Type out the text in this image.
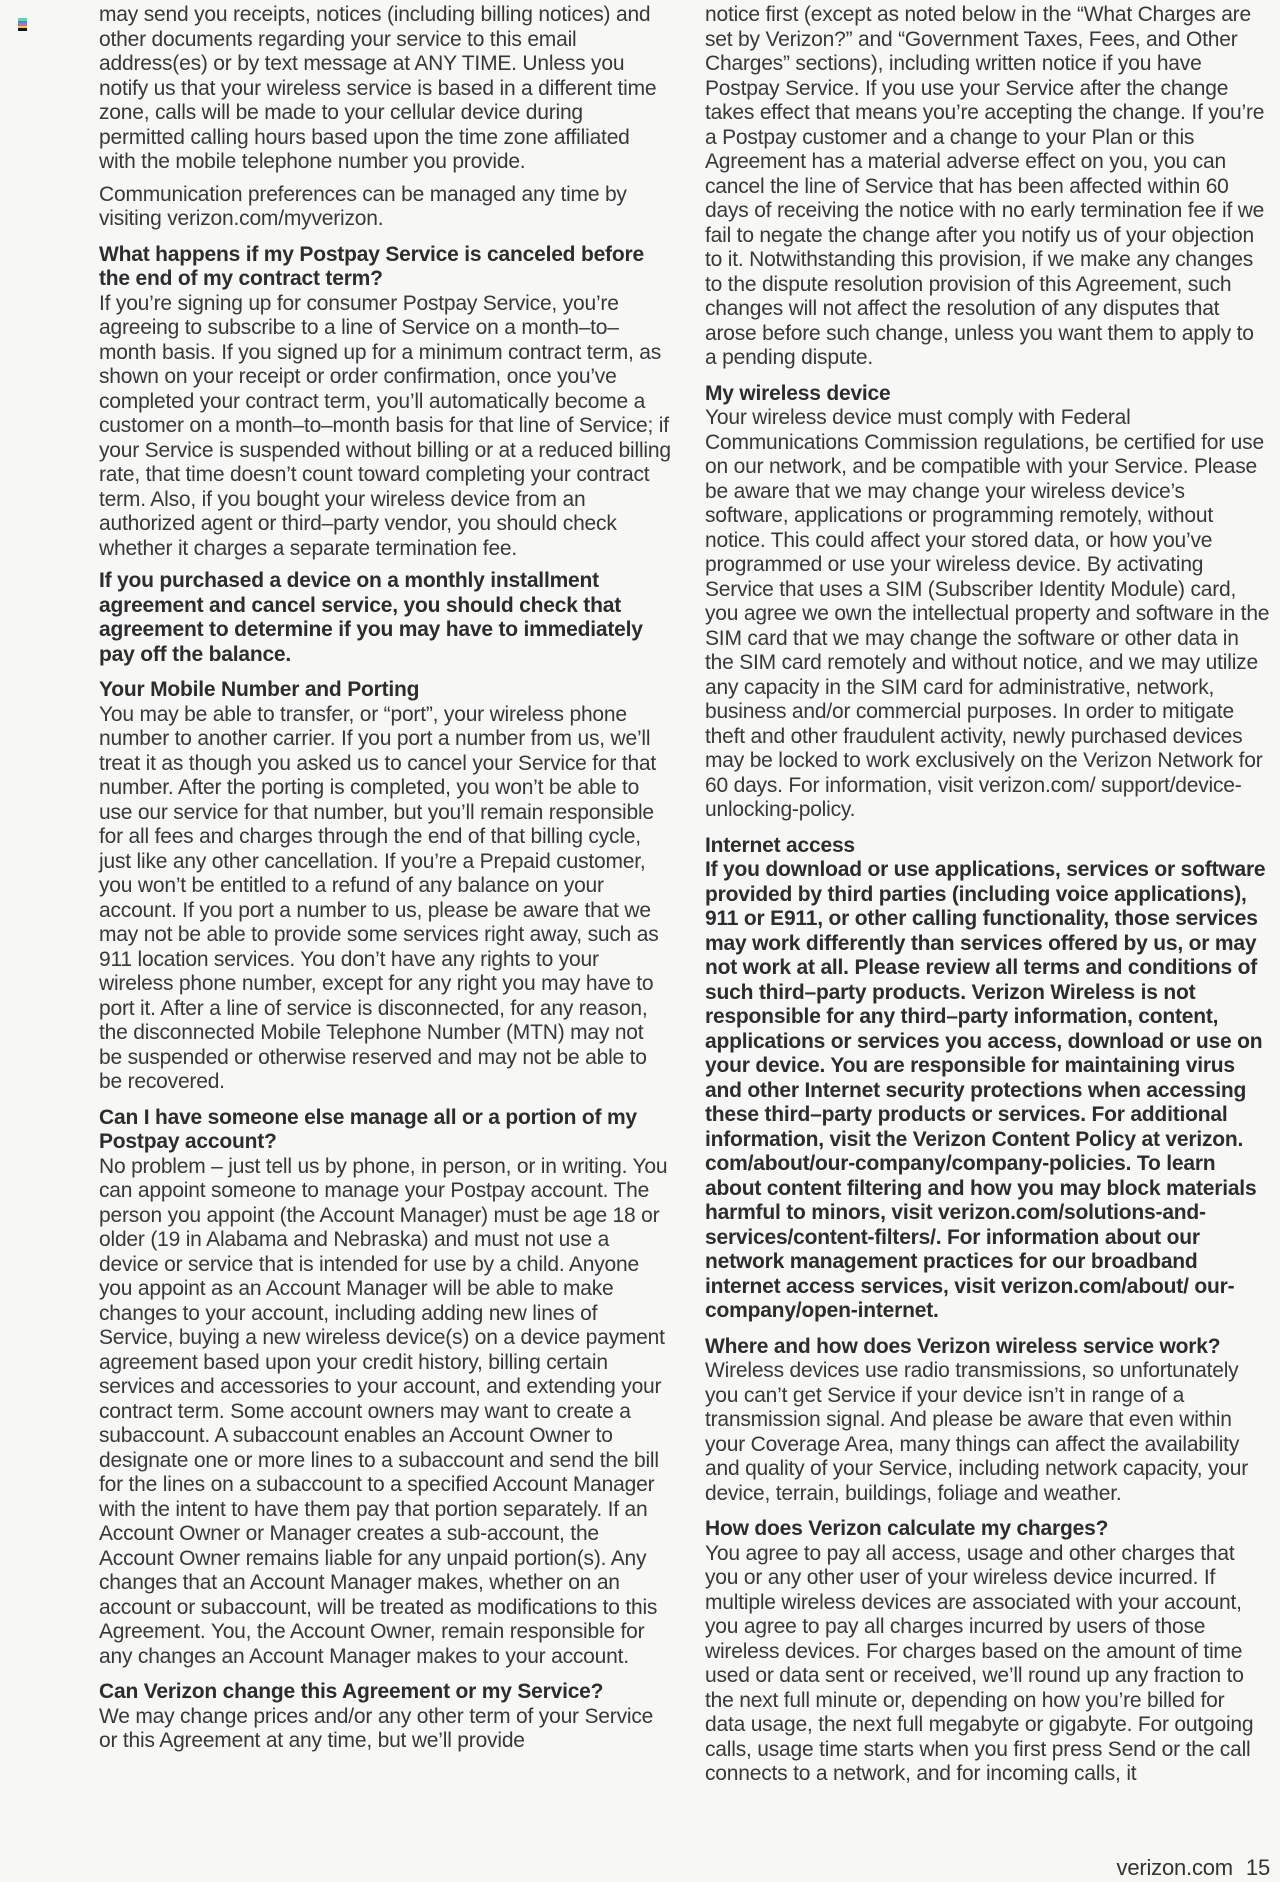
may send you receipts, notices (including billing notices) and other documents regarding your service to this email address(es) or by text message at ANY TIME. Unless you notify us that your wireless service is based in a different time zone, calls will be made to your cellular device during permitted calling hours based upon the time zone affiliated with the mobile telephone number you provide.

Communication preferences can be managed any time by visiting verizon.com/myverizon.

What happens if my Postpay Service is canceled before the end of my contract term?

If you’re signing up for consumer Postpay Service, you’re agreeing to subscribe to a line of Service on a month–to– month basis. If you signed up for a minimum contract term, as shown on your receipt or order confirmation, once you’ve completed your contract term, you’ll automatically become a customer on a month–to–month basis for that line of Service; if your Service is suspended without billing or at a reduced billing rate, that time doesn’t count toward completing your contract term. Also, if you bought your wireless device from an authorized agent or third–party vendor, you should check whether it charges a separate termination fee.

If you purchased a device on a monthly installment agreement and cancel service, you should check that agreement to determine if you may have to immediately pay off the balance.

Your Mobile Number and Porting

You may be able to transfer, or “port”, your wireless phone number to another carrier. If you port a number from us, we’ll treat it as though you asked us to cancel your Service for that number. After the porting is completed, you won’t be able to use our service for that number, but you’ll remain responsible for all fees and charges through the end of that billing cycle, just like any other cancellation. If you’re a Prepaid customer, you won’t be entitled to a refund of any balance on your account. If you port a number to us, please be aware that we may not be able to provide some services right away, such as 911 location services. You don’t have any rights to your wireless phone number, except for any right you may have to port it. After a line of service is disconnected, for any reason, the disconnected Mobile Telephone Number (MTN) may not be suspended or otherwise reserved and may not be able to be recovered.

Can I have someone else manage all or a portion of my Postpay account?

No problem – just tell us by phone, in person, or in writing. You can appoint someone to manage your Postpay account. The person you appoint (the Account Manager) must be age 18 or older (19 in Alabama and Nebraska) and must not use a device or service that is intended for use by a child. Anyone you appoint as an Account Manager will be able to make changes to your account, including adding new lines of Service, buying a new wireless device(s) on a device payment agreement based upon your credit history, billing certain services and accessories to your account, and extending your contract term. Some account owners may want to create a subaccount. A subaccount enables an Account Owner to designate one or more lines to a subaccount and send the bill for the lines on a subaccount to a specified Account Manager with the intent to have them pay that portion separately. If an Account Owner or Manager creates a sub-account, the Account Owner remains liable for any unpaid portion(s). Any changes that an Account Manager makes, whether on an account or subaccount, will be treated as modifications to this Agreement. You, the Account Owner, remain responsible for any changes an Account Manager makes to your account.

Can Verizon change this Agreement or my Service?

We may change prices and/or any other term of your Service or this Agreement at any time, but we’ll provide

notice first (except as noted below in the “What Charges are set by Verizon?” and “Government Taxes, Fees, and Other Charges” sections), including written notice if you have Postpay Service. If you use your Service after the change takes effect that means you’re accepting the change. If you’re a Postpay customer and a change to your Plan or this Agreement has a material adverse effect on you, you can cancel the line of Service that has been affected within 60 days of receiving the notice with no early termination fee if we fail to negate the change after you notify us of your objection to it. Notwithstanding this provision, if we make any changes to the dispute resolution provision of this Agreement, such changes will not affect the resolution of any disputes that arose before such change, unless you want them to apply to a pending dispute.

My wireless device

Your wireless device must comply with Federal Communications Commission regulations, be certified for use on our network, and be compatible with your Service. Please be aware that we may change your wireless device’s software, applications or programming remotely, without notice. This could affect your stored data, or how you’ve programmed or use your wireless device. By activating Service that uses a SIM (Subscriber Identity Module) card, you agree we own the intellectual property and software in the SIM card that we may change the software or other data in the SIM card remotely and without notice, and we may utilize any capacity in the SIM card for administrative, network, business and/or commercial purposes. In order to mitigate theft and other fraudulent activity, newly purchased devices may be locked to work exclusively on the Verizon Network for 60 days. For information, visit verizon.com/ support/device-unlocking-policy.

Internet access

If you download or use applications, services or software provided by third parties (including voice applications), 911 or E911, or other calling functionality, those services may work differently than services offered by us, or may not work at all. Please review all terms and conditions of such third–party products. Verizon Wireless is not responsible for any third–party information, content, applications or services you access, download or use on your device. You are responsible for maintaining virus and other Internet security protections when accessing these third–party products or services. For additional information, visit the Verizon Content Policy at verizon. com/about/our-company/company-policies. To learn about content filtering and how you may block materials harmful to minors, visit verizon.com/solutions-and- services/content-filters/. For information about our network management practices for our broadband internet access services, visit verizon.com/about/ our-company/open-internet.

Where and how does Verizon wireless service work?

Wireless devices use radio transmissions, so unfortunately you can’t get Service if your device isn’t in range of a transmission signal. And please be aware that even within your Coverage Area, many things can affect the availability and quality of your Service, including network capacity, your device, terrain, buildings, foliage and weather.

How does Verizon calculate my charges?

You agree to pay all access, usage and other charges that you or any other user of your wireless device incurred. If multiple wireless devices are associated with your account, you agree to pay all charges incurred by users of those wireless devices. For charges based on the amount of time used or data sent or received, we’ll round up any fraction to the next full minute or, depending on how you’re billed for data usage, the next full megabyte or gigabyte. For outgoing calls, usage time starts when you first press Send or the call connects to a network, and for incoming calls, it

verizon.com 15
